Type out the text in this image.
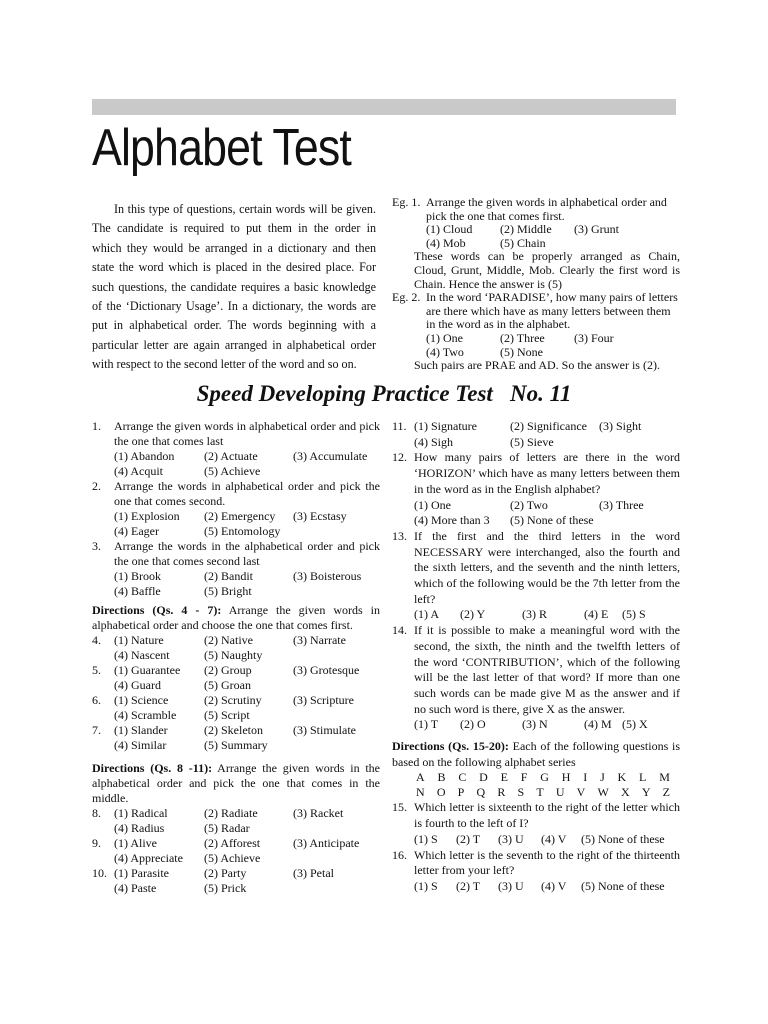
Alphabet Test

In this type of questions, certain words will be given. The candidate is required to put them in the order in which they would be arranged in a dictionary and then state the word which is placed in the desired place. For such questions, the candidate requires a basic knowledge of the ‘Dictionary Usage’. In a dictionary, the words are put in alphabetical order. The words beginning with a particular letter are again arranged in alphabetical order with respect to the second letter of the word and so on.

Eg. 1. Arrange the given words in alphabetical order and pick the one that comes first.
(1) Cloud (2) Middle (3) Grunt
(4) Mob	(5) Chain
These words can be properly arranged as Chain, Cloud, Grunt, Middle, Mob. Clearly the first word is Chain. Hence the answer is (5)
Eg. 2. In the word ‘PARADISE’, how many pairs of letters are there which have as many letters between them in the word as in the alphabet.
(1) One	(2) Three (3) Four
(4) Two	(5) None
Such pairs are PRAE and AD. So the answer is (2).
Speed Developing Practice Test   No. 11
1.	Arrange the given words in alphabetical order and pick the one that comes last
(1) Abandon	(2) Actuate	(3) Accumulate
(4) Acquit	(5) Achieve
2.	Arrange the words in alphabetical order and pick the one that comes second.
(1) Explosion	(2) Emergency	(3) Ecstasy
(4) Eager	(5) Entomology
3.	Arrange the words in the alphabetical order and pick the one that comes second last
(1) Brook	(2) Bandit	(3) Boisterous
(4) Baffle	(5) Bright
Directions (Qs. 4 - 7): Arrange the given words in alphabetical order and choose the one that comes first.
4.	(1) Nature	(2) Native	(3) Narrate
(4) Nascent	(5) Naughty
5.	(1) Guarantee	(2) Group	(3) Grotesque
(4) Guard	(5) Groan
6.	(1) Science	(2) Scrutiny	(3) Scripture
(4) Scramble	(5) Script
7.	(1) Slander	(2) Skeleton	(3) Stimulate
(4) Similar	(5) Summary
Directions (Qs. 8 -11): Arrange the given words in the alphabetical order and pick the one that comes in the middle.
8.	(1) Radical	(2) Radiate	(3) Racket
(4) Radius	(5) Radar
9.	(1) Alive	(2) Afforest	(3) Anticipate
(4) Appreciate	(5) Achieve
10. (1) Parasite	(2) Party	(3) Petal
(4) Paste	(5) Prick
11. (1) Signature	(2) Significance	(3) Sight
(4) Sigh	(5) Sieve
12. How many pairs of letters are there in the word ‘HORIZON’ which have as many letters between them in the word as in the English alphabet?
(1) One	(2) Two	(3) Three
(4) More than 3	(5) None of these
13. If the first and the third letters in the word NECESSARY were interchanged, also the fourth and the sixth letters, and the seventh and the ninth letters, which of the following would be the 7th letter from the left?
(1) A	(2) Y	(3) R	(4) E	(5) S
14. If it is possible to make a meaningful word with the second, the sixth, the ninth and the twelfth letters of the word ‘CONTRIBUTION’, which of the following will be the last letter of that word? If more than one such words can be made give M as the answer and if no such word is there, give X as the answer.
(1) T	(2) O	(3) N	(4) M (5) X
Directions (Qs. 15-20): Each of the following questions is based on the following alphabet series
A B C D E F G H I J K L M
N O P Q R S T U V W X Y Z
15. Which letter is sixteenth to the right of the letter which is fourth to the left of I?
(1) S	(2) T	(3) U	(4) V	(5) None of these
16. Which letter is the seventh to the right of the thirteenth letter from your left?
(1) S	(2) T	(3) U	(4) V	(5) None of these
